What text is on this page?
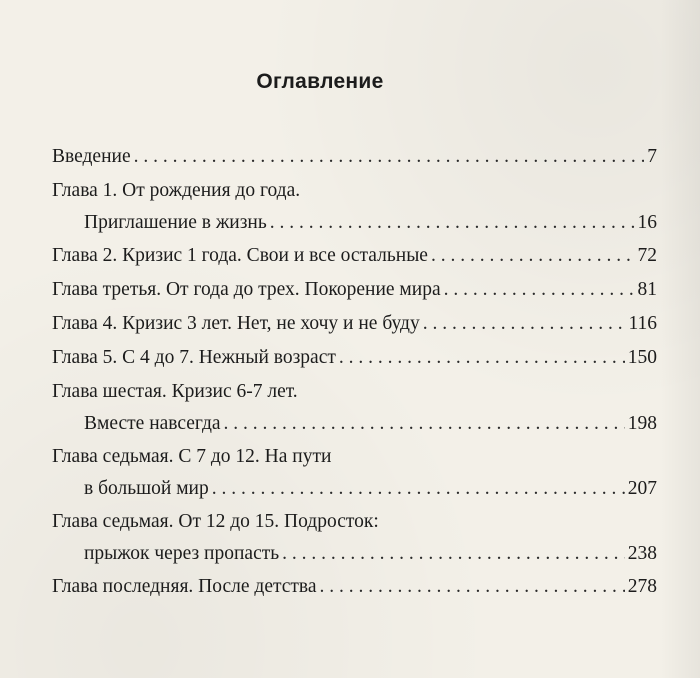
Оглавление
Введение . . .	7
Глава 1. От рождения до года.
Приглашение в жизнь . . .	16
Глава 2. Кризис 1 года. Свои и все остальные . . .	72
Глава третья. От года до трех. Покорение мира . . .	81
Глава 4. Кризис 3 лет. Нет, не хочу и не буду . . .	116
Глава 5. С 4 до 7. Нежный возраст . . .	150
Глава шестая. Кризис 6-7 лет.
Вместе навсегда . . .	198
Глава седьмая. С 7 до 12. На пути
в большой мир . . .	207
Глава седьмая. От 12 до 15. Подросток:
прыжок через пропасть . . .	238
Глава последняя. После детства . . .	278
